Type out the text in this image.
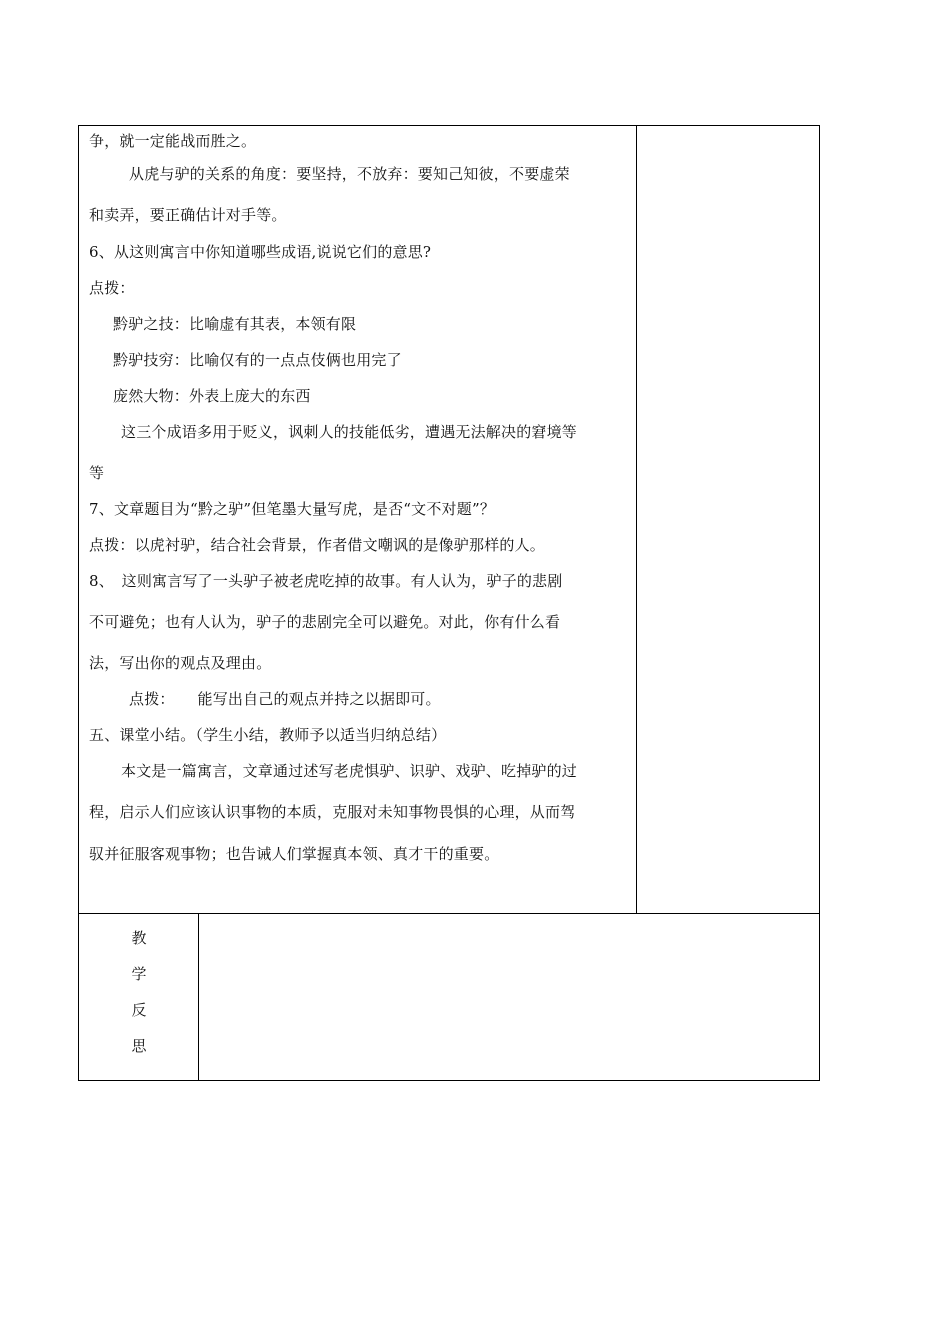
争，就一定能战而胜之。
从虎与驴的关系的角度：要坚持，不放弃：要知己知彼，不要虚荣
和卖弄，要正确估计对手等。
6、从这则寓言中你知道哪些成语,说说它们的意思?
点拨：
黔驴之技：比喻虚有其表，本领有限
黔驴技穷：比喻仅有的一点点伎俩也用完了
庞然大物：外表上庞大的东西
这三个成语多用于贬义，讽刺人的技能低劣，遭遇无法解决的窘境等
等
7、文章题目为“黔之驴”但笔墨大量写虎，是否“文不对题”？
点拨：以虎衬驴，结合社会背景，作者借文嘲讽的是像驴那样的人。
8、　这则寓言写了一头驴子被老虎吃掉的故事。有人认为，驴子的悲剧
不可避免；也有人认为，驴子的悲剧完全可以避免。对此，你有什么看
法，写出你的观点及理由。
点拨：　　能写出自己的观点并持之以据即可。
五、课堂小结。（学生小结，教师予以适当归纳总结）
本文是一篇寓言，文章通过述写老虎惧驴、识驴、戏驴、吃掉驴的过
程，启示人们应该认识事物的本质，克服对未知事物畏惧的心理，从而驾
驭并征服客观事物；也告诫人们掌握真本领、真才干的重要。
教
学
反
思
